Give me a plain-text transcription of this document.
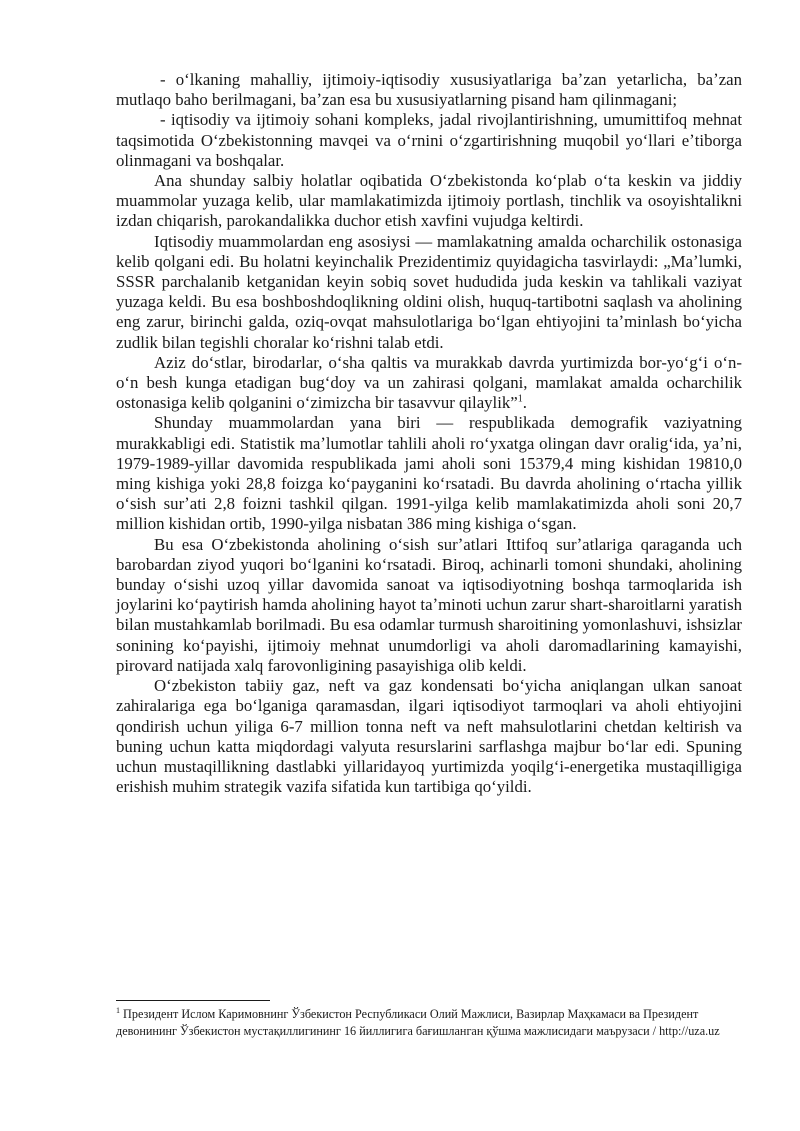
- oʻlkaning mahalliy, ijtimoiy-iqtisodiy xususiyatlariga baʼzan yetarlicha, baʼzan mutlaqo baho berilmagani, baʼzan esa bu xususiyatlarning pisand ham qilinmagani;

- iqtisodiy va ijtimoiy sohani kompleks, jadal rivojlantirishning, umumittifoq mehnat taqsimotida Oʻzbekistonning mavqei va oʻrnini oʻzgartirishning muqobil yoʻllari eʼtiborga olinmagani va boshqalar.

Ana shunday salbiy holatlar oqibatida Oʻzbekistonda koʻplab oʻta keskin va jiddiy muammolar yuzaga kelib, ular mamlakatimizda ijtimoiy portlash, tinchlik va osoyishtalikni izdan chiqarish, parokandalikka duchor etish xavfini vujudga keltirdi.

Iqtisodiy muammolardan eng asosiysi — mamlakatning amalda ocharchilik ostonasiga kelib qolgani edi. Bu holatni keyinchalik Prezidentimiz quyidagicha tasvirlaydi: „Maʼlumki, SSSR parchalanib ketganidan keyin sobiq sovet hududida juda keskin va tahlikali vaziyat yuzaga keldi. Bu esa boshboshdoqlikning oldini olish, huquq-tartibotni saqlash va aholining eng zarur, birinchi galda, oziq-ovqat mahsulotlariga boʻlgan ehtiyojini taʼminlash boʻyicha zudlik bilan tegishli choralar koʻrishni talab etdi.

Aziz doʻstlar, birodarlar, oʻsha qaltis va murakkab davrda yurtimizda bor-yoʻgʻi oʻn-oʻn besh kunga etadigan bugʻdoy va un zahirasi qolgani, mamlakat amalda ocharchilik ostonasiga kelib qolganini oʻzimizcha bir tasavvur qilaylik”$^1$.

Shunday muammolardan yana biri — respublikada demografik vaziyatning murakkabligi edi. Statistik maʼlumotlar tahlili aholi roʻyxatga olingan davr oraligʻida, yaʼni, 1979-1989-yillar davomida respublikada jami aholi soni 15379,4 ming kishidan 19810,0 ming kishiga yoki 28,8 foizga koʻpayganini koʻrsatadi. Bu davrda aholining oʻrtacha yillik oʻsish surʼati 2,8 foizni tashkil qilgan. 1991-yilga kelib mamlakatimizda aholi soni 20,7 million kishidan ortib, 1990-yilga nisbatan 386 ming kishiga oʻsgan.

Bu esa Oʻzbekistonda aholining oʻsish surʼatlari Ittifoq surʼatlariga qaraganda uch barobardan ziyod yuqori boʻlganini koʻrsatadi. Biroq, achinarli tomoni shundaki, aholining bunday oʻsishi uzoq yillar davomida sanoat va iqtisodiyotning boshqa tarmoqlarida ish joylarini koʻpaytirish hamda aholining hayot taʼminoti uchun zarur shart-sharoitlarni yaratish bilan mustahkamlab borilmadi. Bu esa odamlar turmush sharoitining yomonlashuvi, ishsizlar sonining koʻpayishi, ijtimoiy mehnat unumdorligi va aholi daromadlarining kamayishi, pirovard natijada xalq farovonligining pasayishiga olib keldi.

Oʻzbekiston tabiiy gaz, neft va gaz kondensati boʻyicha aniqlangan ulkan sanoat zahiralariga ega boʻlganiga qaramasdan, ilgari iqtisodiyot tarmoqlari va aholi ehtiyojini qondirish uchun yiliga 6-7 million tonna neft va neft mahsulotlarini chetdan keltirish va buning uchun katta miqdordagi valyuta resurslarini sarflashga majbur boʻlar edi. Spuning uchun mustaqillikning dastlabki yillaridayoq yurtimizda yoqilgʻi-energetika mustaqilligiga erishish muhim strategik vazifa sifatida kun tartibiga qoʻyildi.

$^1$ Президент Ислом Каримовнинг Ўзбекистон Республикаси Олий Мажлиси, Вазирлар Маҳкамаси ва Президент девонининг Ўзбекистон мустақиллигининг 16 йиллигига бағишланган қўшма мажлисидаги маърузаси / http://uza.uz
